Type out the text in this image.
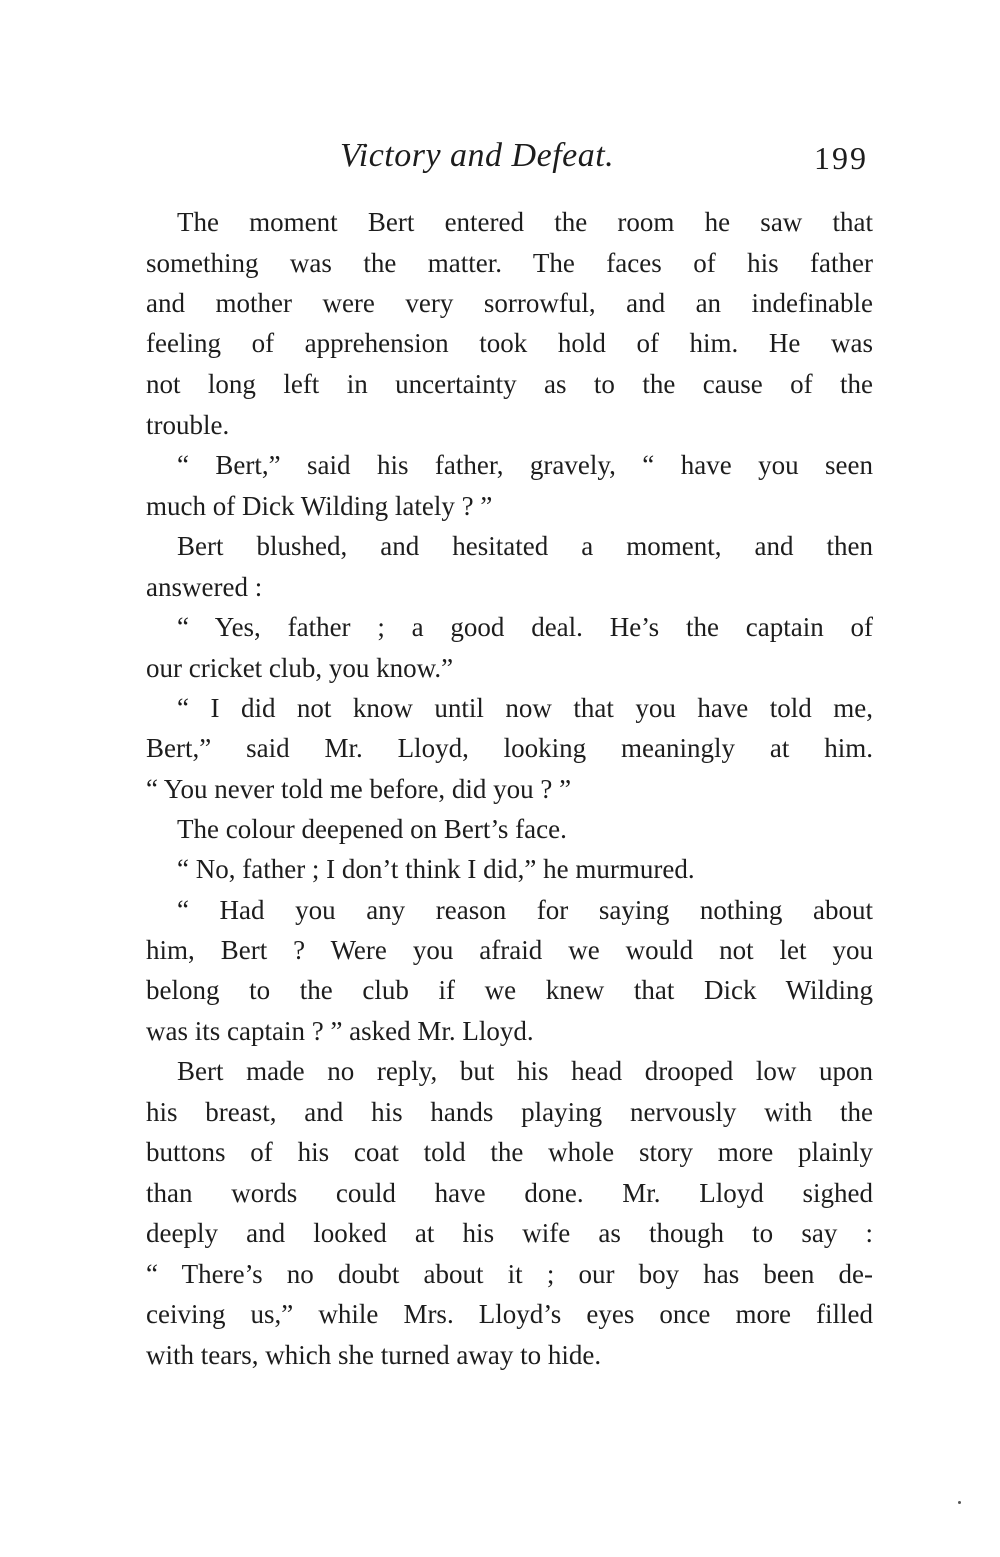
Victory and Defeat.	199
The moment Bert entered the room he saw that
something was the matter. The faces of his father
and mother were very sorrowful, and an indefinable
feeling of apprehension took hold of him. He was
not long left in uncertainty as to the cause of the
trouble.
“ Bert,” said his father, gravely, “ have you seen
much of Dick Wilding lately ? ”
Bert blushed, and hesitated a moment, and then
answered :
“ Yes, father ; a good deal. He’s the captain of
our cricket club, you know.”
“ I did not know until now that you have told me,
Bert,” said Mr. Lloyd, looking meaningly at him.
“ You never told me before, did you ? ”
The colour deepened on Bert’s face.
“ No, father ; I don’t think I did,” he murmured.
“ Had you any reason for saying nothing about
him, Bert ? Were you afraid we would not let you
belong to the club if we knew that Dick Wilding
was its captain ? ” asked Mr. Lloyd.
Bert made no reply, but his head drooped low upon
his breast, and his hands playing nervously with the
buttons of his coat told the whole story more plainly
than words could have done. Mr. Lloyd sighed
deeply and looked at his wife as though to say :
“ There’s no doubt about it ; our boy has been de-
ceiving us,” while Mrs. Lloyd’s eyes once more filled
with tears, which she turned away to hide.
